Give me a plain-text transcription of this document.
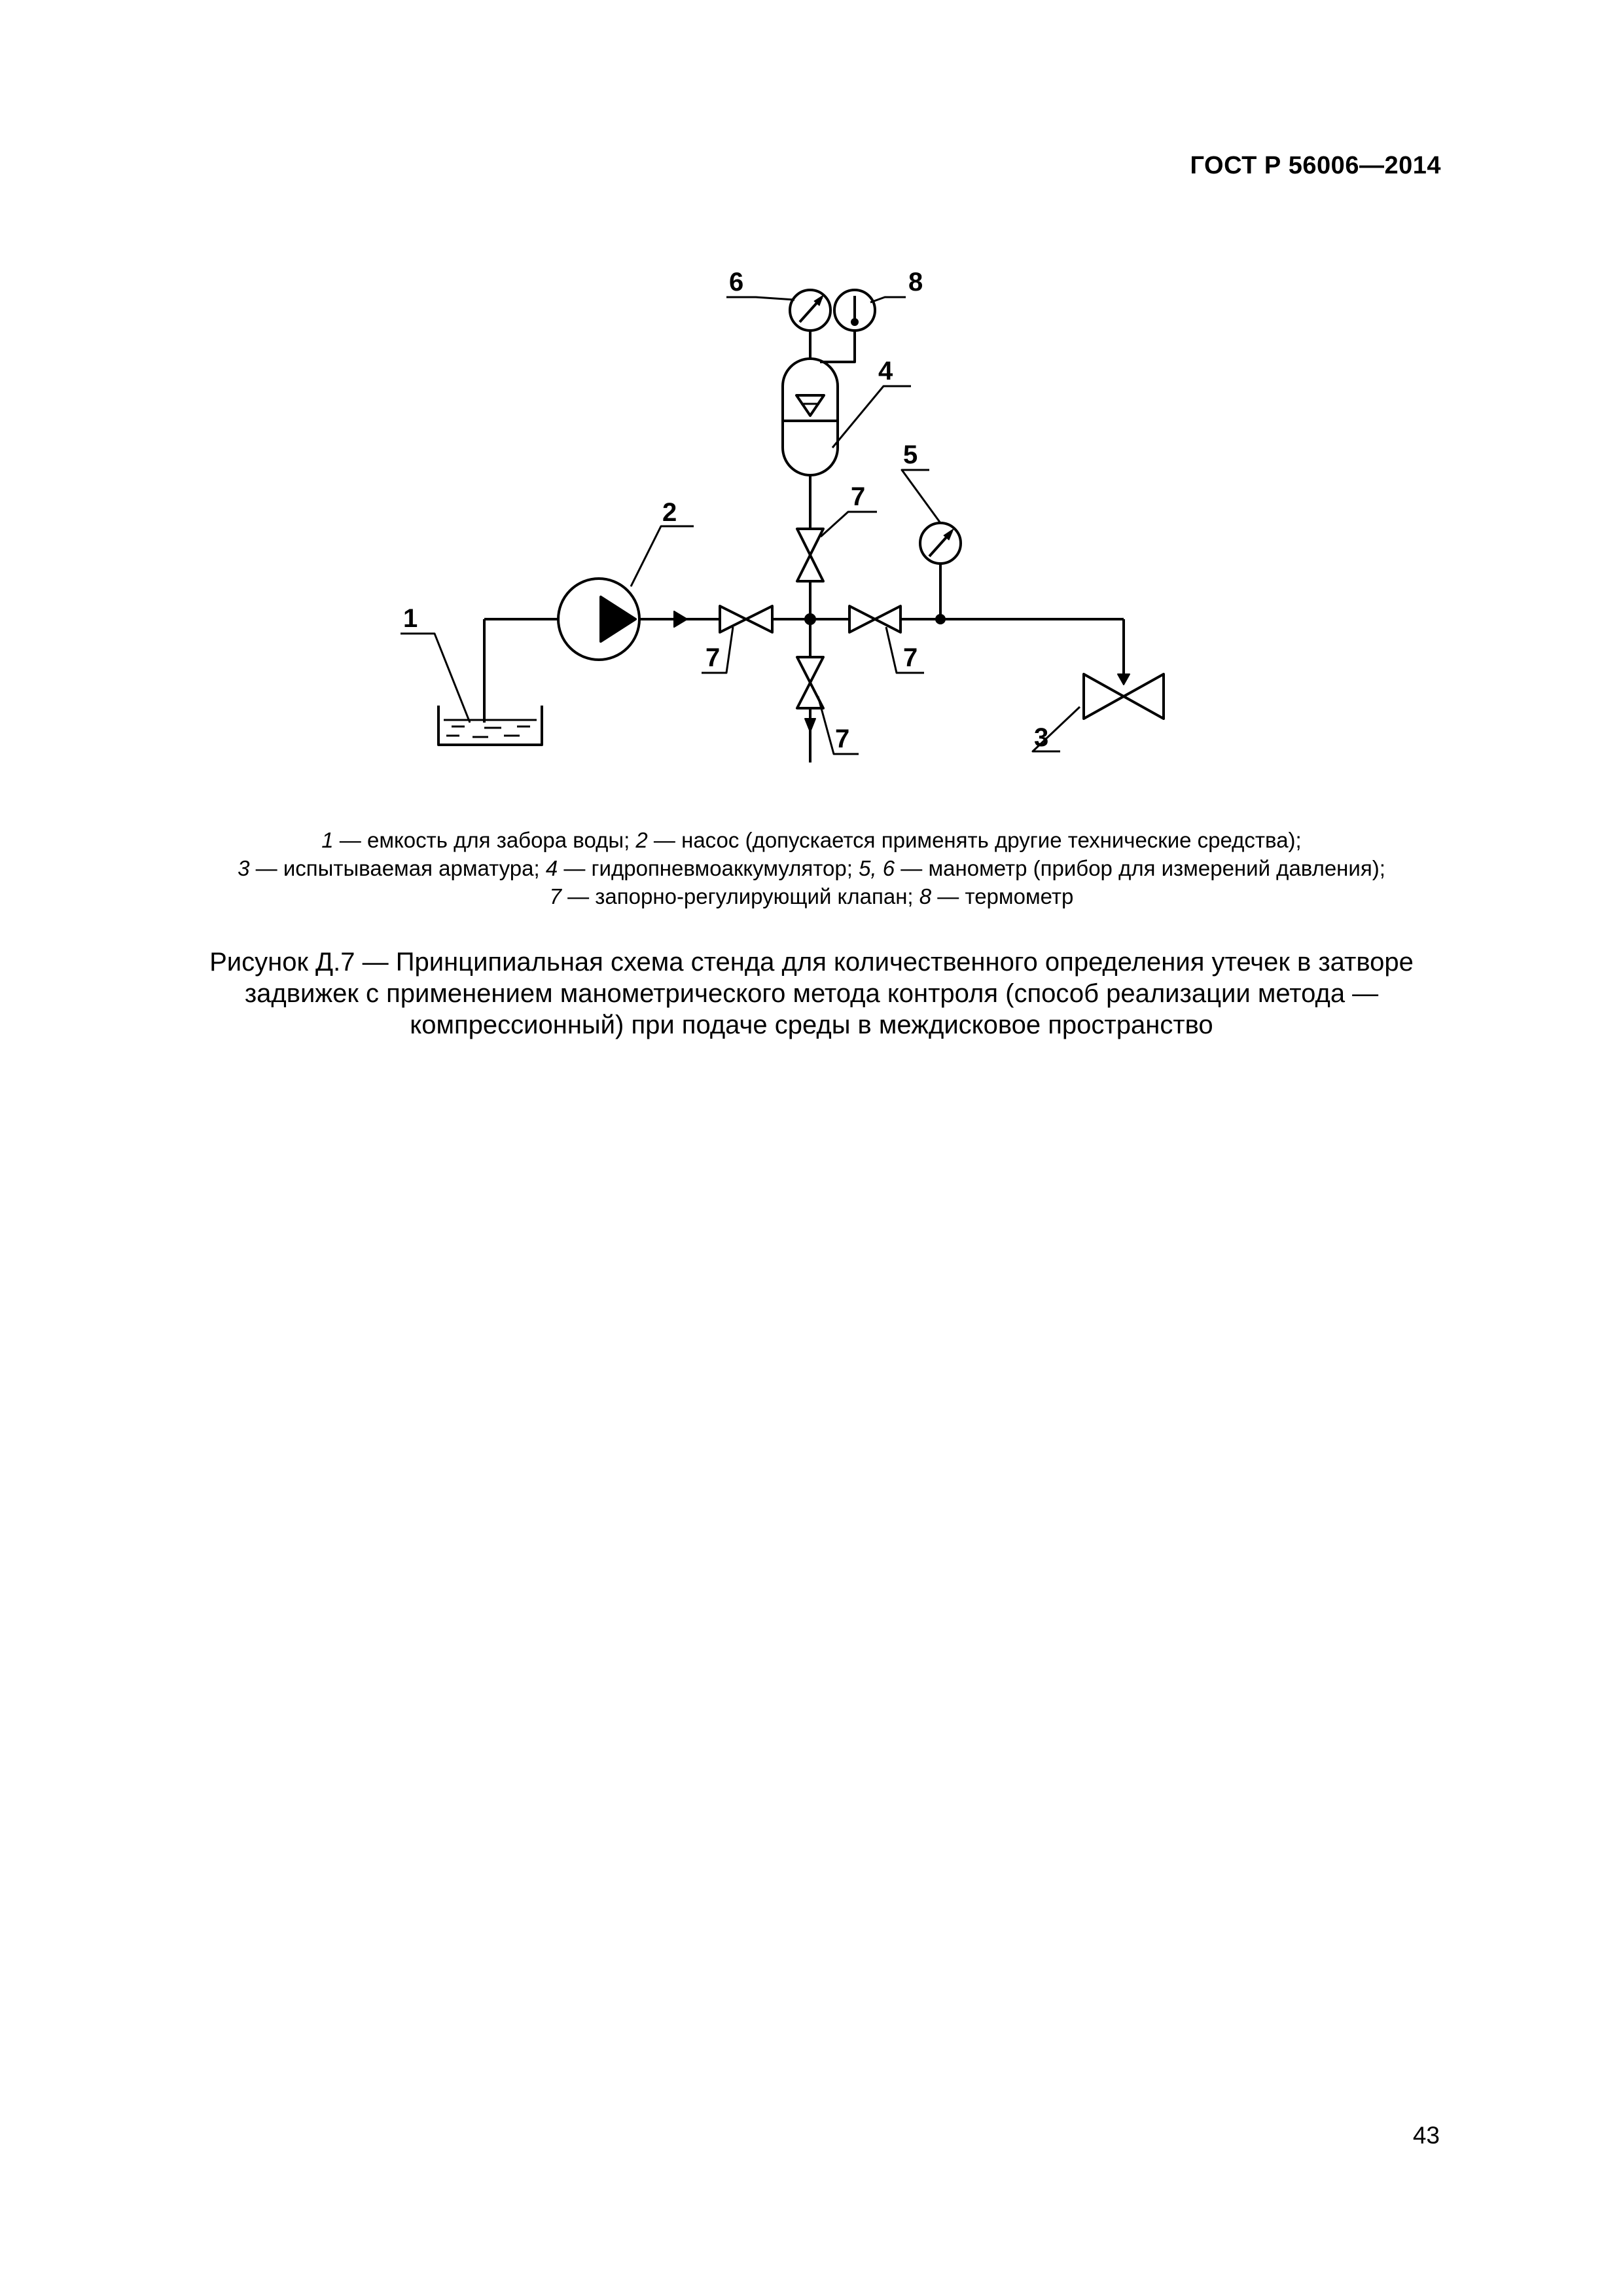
ГОСТ Р 56006—2014
1
2
3
4
5
6
7
7	7
7
8
1 — емкость для забора воды; 2 — насос (допускается применять другие технические средства);
3 — испытываемая арматура; 4 — гидропневмоаккумулятор; 5, 6 — манометр (прибор для измерений давления);
7 — запорно-регулирующий клапан; 8 — термометр
Рисунок Д.7 — Принципиальная схема стенда для количественного определения утечек в затворе
задвижек с применением манометрического метода контроля (способ реализации метода —
компрессионный) при подаче среды в междисковое пространство
43
